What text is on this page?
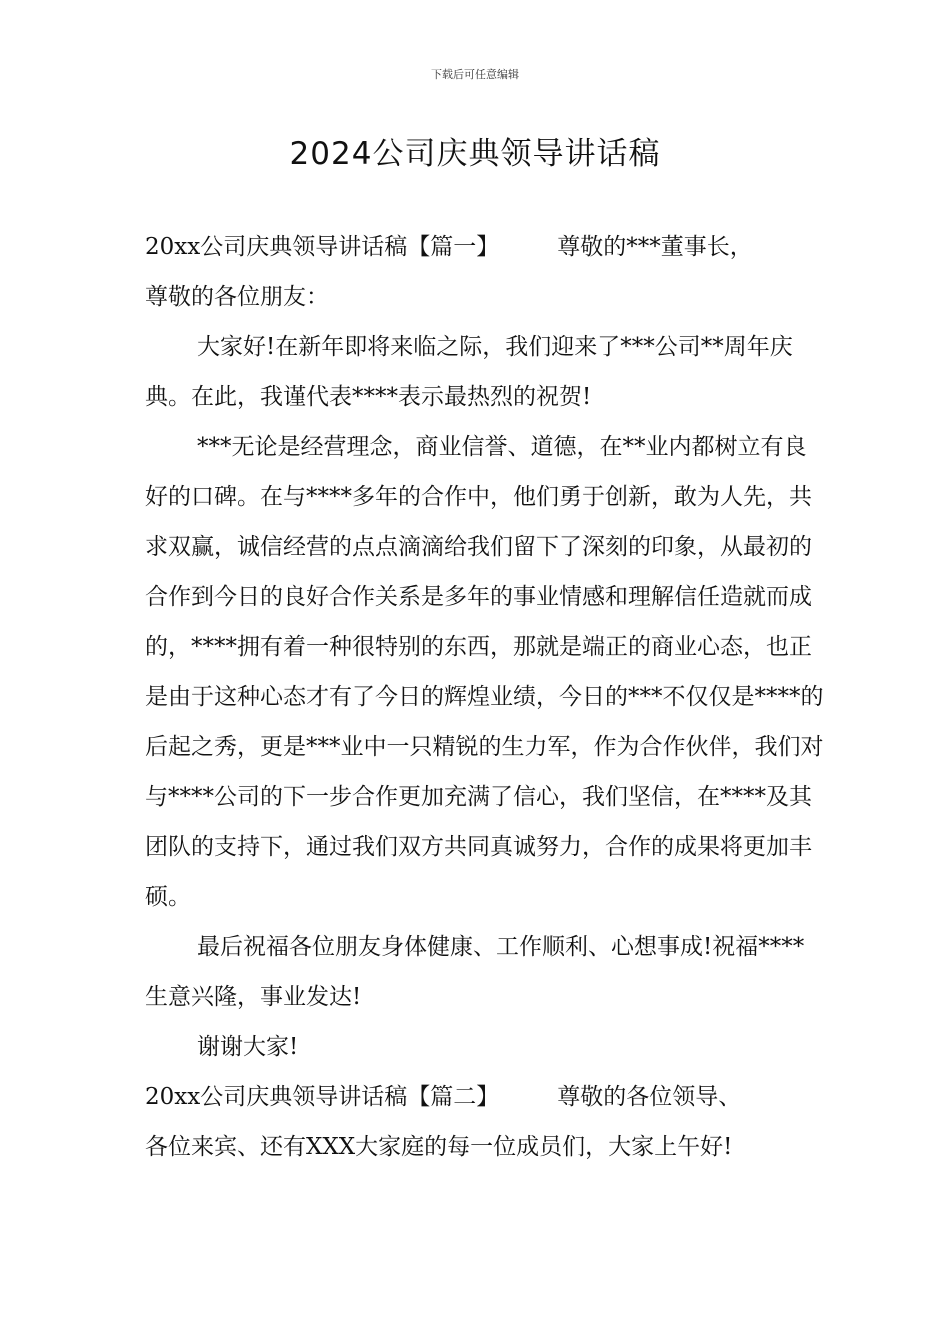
下载后可任意编辑
2024公司庆典领导讲话稿

20xx公司庆典领导讲话稿【篇一】	尊敬的***董事长，

尊敬的各位朋友：

大家好!在新年即将来临之际，我们迎来了***公司**周年庆典。在此，我谨代表****表示最热烈的祝贺!

***无论是经营理念，商业信誉、道德，在**业内都树立有良好的口碑。在与****多年的合作中，他们勇于创新，敢为人先，共求双赢，诚信经营的点点滴滴给我们留下了深刻的印象，从最初的合作到今日的良好合作关系是多年的事业情感和理解信任造就而成的，****拥有着一种很特别的东西，那就是端正的商业心态，也正是由于这种心态才有了今日的辉煌业绩，今日的***不仅仅是****的后起之秀，更是***业中一只精锐的生力军，作为合作伙伴，我们对与****公司的下一步合作更加充满了信心，我们坚信，在****及其团队的支持下，通过我们双方共同真诚努力，合作的成果将更加丰硕。

最后祝福各位朋友身体健康、工作顺利、心想事成!祝福****生意兴隆，事业发达!

谢谢大家!

20xx公司庆典领导讲话稿【篇二】	尊敬的各位领导、

各位来宾、还有XXX大家庭的每一位成员们，大家上午好!
